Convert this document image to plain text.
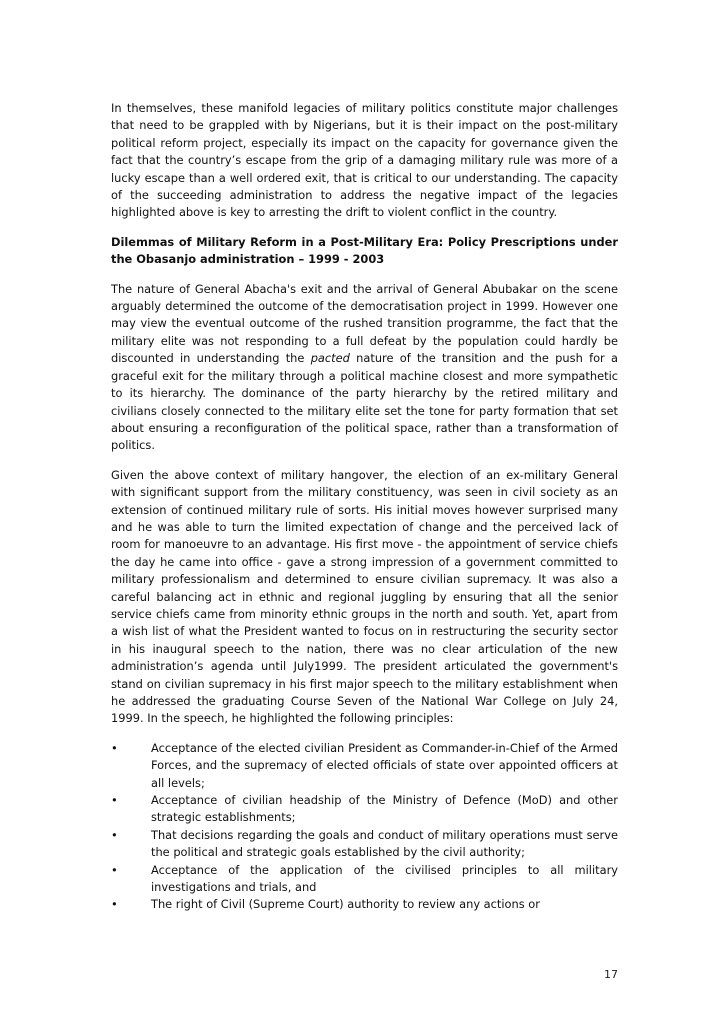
In themselves, these manifold legacies of military politics constitute major challenges that need to be grappled with by Nigerians, but it is their impact on the post-military political reform project, especially its impact on the capacity for governance given the fact that the country’s escape from the grip of a damaging military rule was more of a lucky escape than a well ordered exit, that is critical to our understanding. The capacity of the succeeding administration to address the negative impact of the legacies highlighted above is key to arresting the drift to violent conflict in the country.

Dilemmas of Military Reform in a Post-Military Era: Policy Prescriptions under the Obasanjo administration – 1999 - 2003

The nature of General Abacha's exit and the arrival of General Abubakar on the scene arguably determined the outcome of the democratisation project in 1999. However one may view the eventual outcome of the rushed transition programme, the fact that the military elite was not responding to a full defeat by the population could hardly be discounted in understanding the pacted nature of the transition and the push for a graceful exit for the military through a political machine closest and more sympathetic to its hierarchy. The dominance of the party hierarchy by the retired military and civilians closely connected to the military elite set the tone for party formation that set about ensuring a reconfiguration of the political space, rather than a transformation of politics.

Given the above context of military hangover, the election of an ex-military General with significant support from the military constituency, was seen in civil society as an extension of continued military rule of sorts. His initial moves however surprised many and he was able to turn the limited expectation of change and the perceived lack of room for manoeuvre to an advantage. His first move - the appointment of service chiefs the day he came into office - gave a strong impression of a government committed to military professionalism and determined to ensure civilian supremacy. It was also a careful balancing act in ethnic and regional juggling by ensuring that all the senior service chiefs came from minority ethnic groups in the north and south. Yet, apart from a wish list of what the President wanted to focus on in restructuring the security sector in his inaugural speech to the nation, there was no clear articulation of the new administration’s agenda until July1999. The president articulated the government's stand on civilian supremacy in his first major speech to the military establishment when he addressed the graduating Course Seven of the National War College on July 24, 1999. In the speech, he highlighted the following principles:

•	Acceptance of the elected civilian President as Commander-in-Chief of the Armed Forces, and the supremacy of elected officials of state over appointed officers at all levels;
•	Acceptance of civilian headship of the Ministry of Defence (MoD) and other strategic establishments;
•	That decisions regarding the goals and conduct of military operations must serve the political and strategic goals established by the civil authority;
•	Acceptance of the application of the civilised principles to all military investigations and trials, and
•	The right of Civil (Supreme Court) authority to review any actions or
17
